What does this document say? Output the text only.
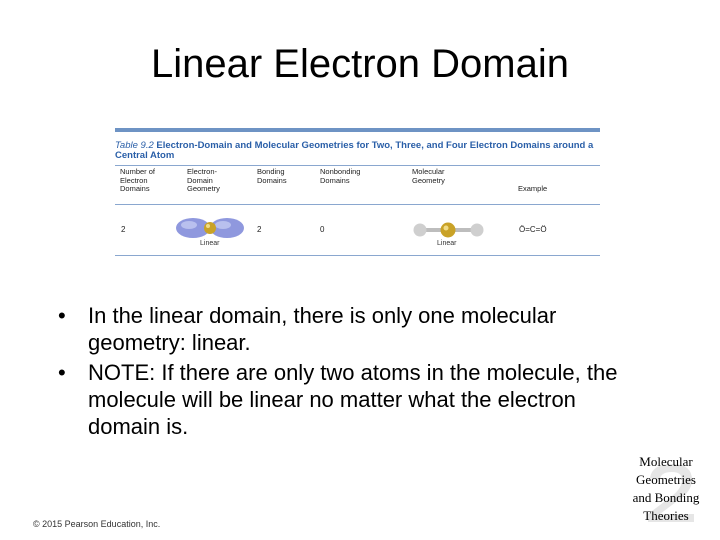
Linear Electron Domain
Table 9.2 Electron-Domain and Molecular Geometries for Two, Three, and Four Electron Domains around a Central Atom
Number of
Electron
Domains
Electron-
Domain
Geometry
Bonding
Domains
Nonbonding
Domains
Molecular
Geometry
Example
2
Linear
2	0
Linear
Ö=C=Ö
• In the linear domain, there is only one molecular geometry: linear.
• NOTE: If there are only two atoms in the molecule, the molecule will be linear no matter what the electron domain is.
© 2015 Pearson Education, Inc.
Molecular
Geometries
and Bonding
Theories
